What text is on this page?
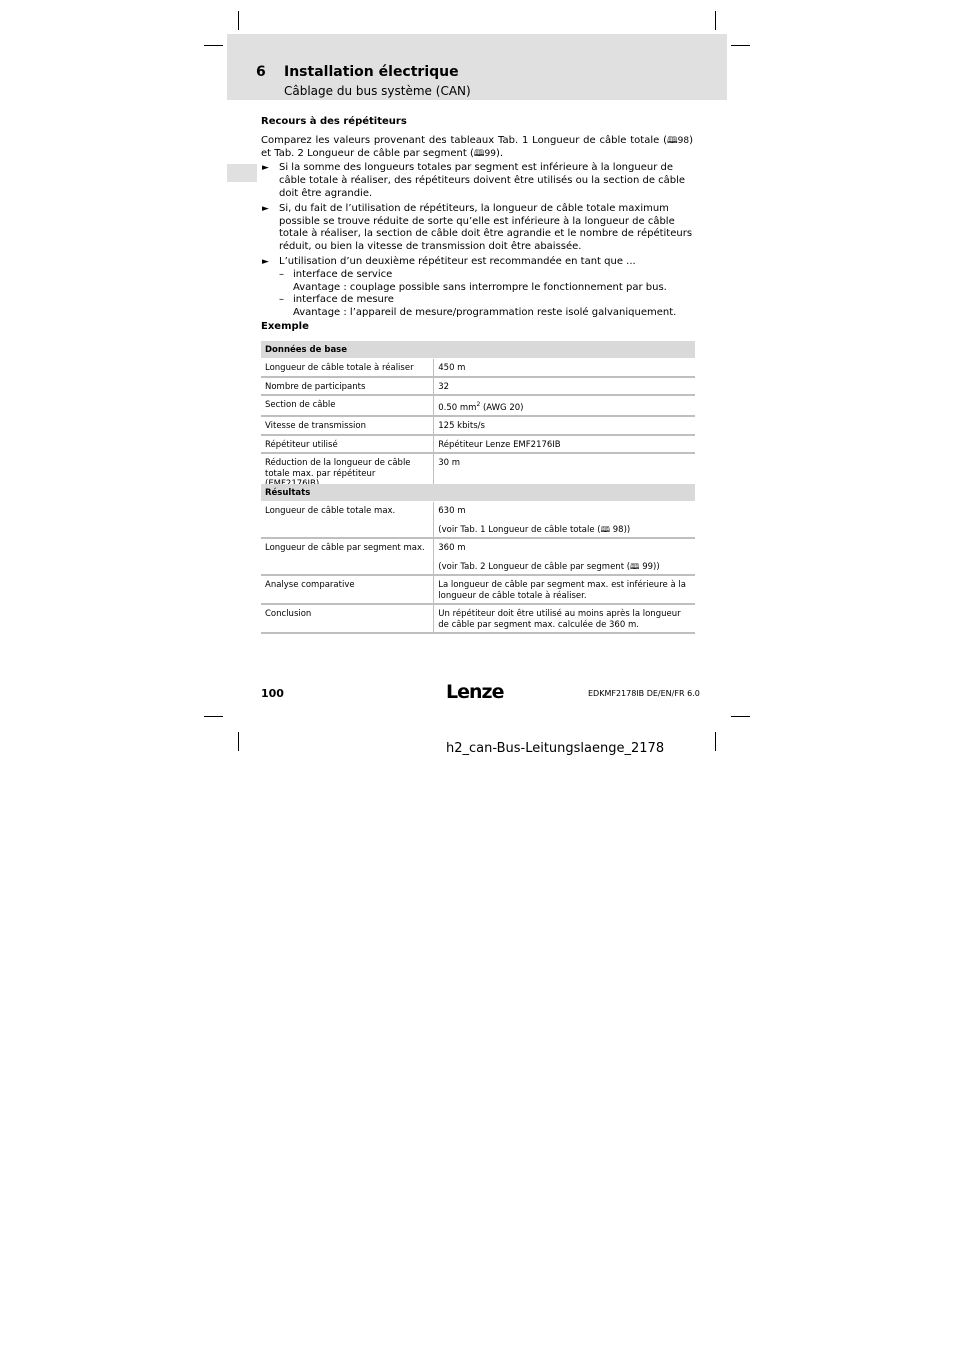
6 Installation électrique
Câblage du bus système (CAN)
Recours à des répétiteurs

Comparez les valeurs provenant des tableaux Tab. 1 Longueur de câble totale (🕮98) et Tab. 2 Longueur de câble par segment (🕮99).

► Si la somme des longueurs totales par segment est inférieure à la longueur de câble totale à réaliser, des répétiteurs doivent être utilisés ou la section de câble doit être agrandie.
► Si, du fait de l’utilisation de répétiteurs, la longueur de câble totale maximum possible se trouve réduite de sorte qu’elle est inférieure à la longueur de câble totale à réaliser, la section de câble doit être agrandie et le nombre de répétiteurs réduit, ou bien la vitesse de transmission doit être abaissée.
► L’utilisation d’un deuxième répétiteur est recommandée en tant que ...
– interface de service
Avantage : couplage possible sans interrompre le fonctionnement par bus.
– interface de mesure
Avantage : l’appareil de mesure/programmation reste isolé galvaniquement.
Exemple
Données de base	
Longueur de câble totale à réaliser	450 m
Nombre de participants	32
Section de câble	0.50 $mm^2$ (AWG 20)
Vitesse de transmission	125 kbits/s
Répétiteur utilisé	Répétiteur Lenze EMF2176IB
Réduction de la longueur de câble totale max. par répétiteur	30 m
Résultats	
Longueur de câble totale max.	630 m
(voir Tab. 1 Longueur de câble totale (🕮 98))
Longueur de câble par segment max.	360 m
(voir Tab. 2 Longueur de câble par segment (🕮 99))
Analyse comparative	La longueur de câble par segment max. est inférieure à la longueur de câble totale à réaliser.
Conclusion	Un répétiteur doit être utilisé au moins après la longueur de câble par segment max. calculée de 360 m.
100	Lenze	EDKMF2178IB DE/EN/FR 6.0
h2_can-Bus-Leitungslaenge_2178
